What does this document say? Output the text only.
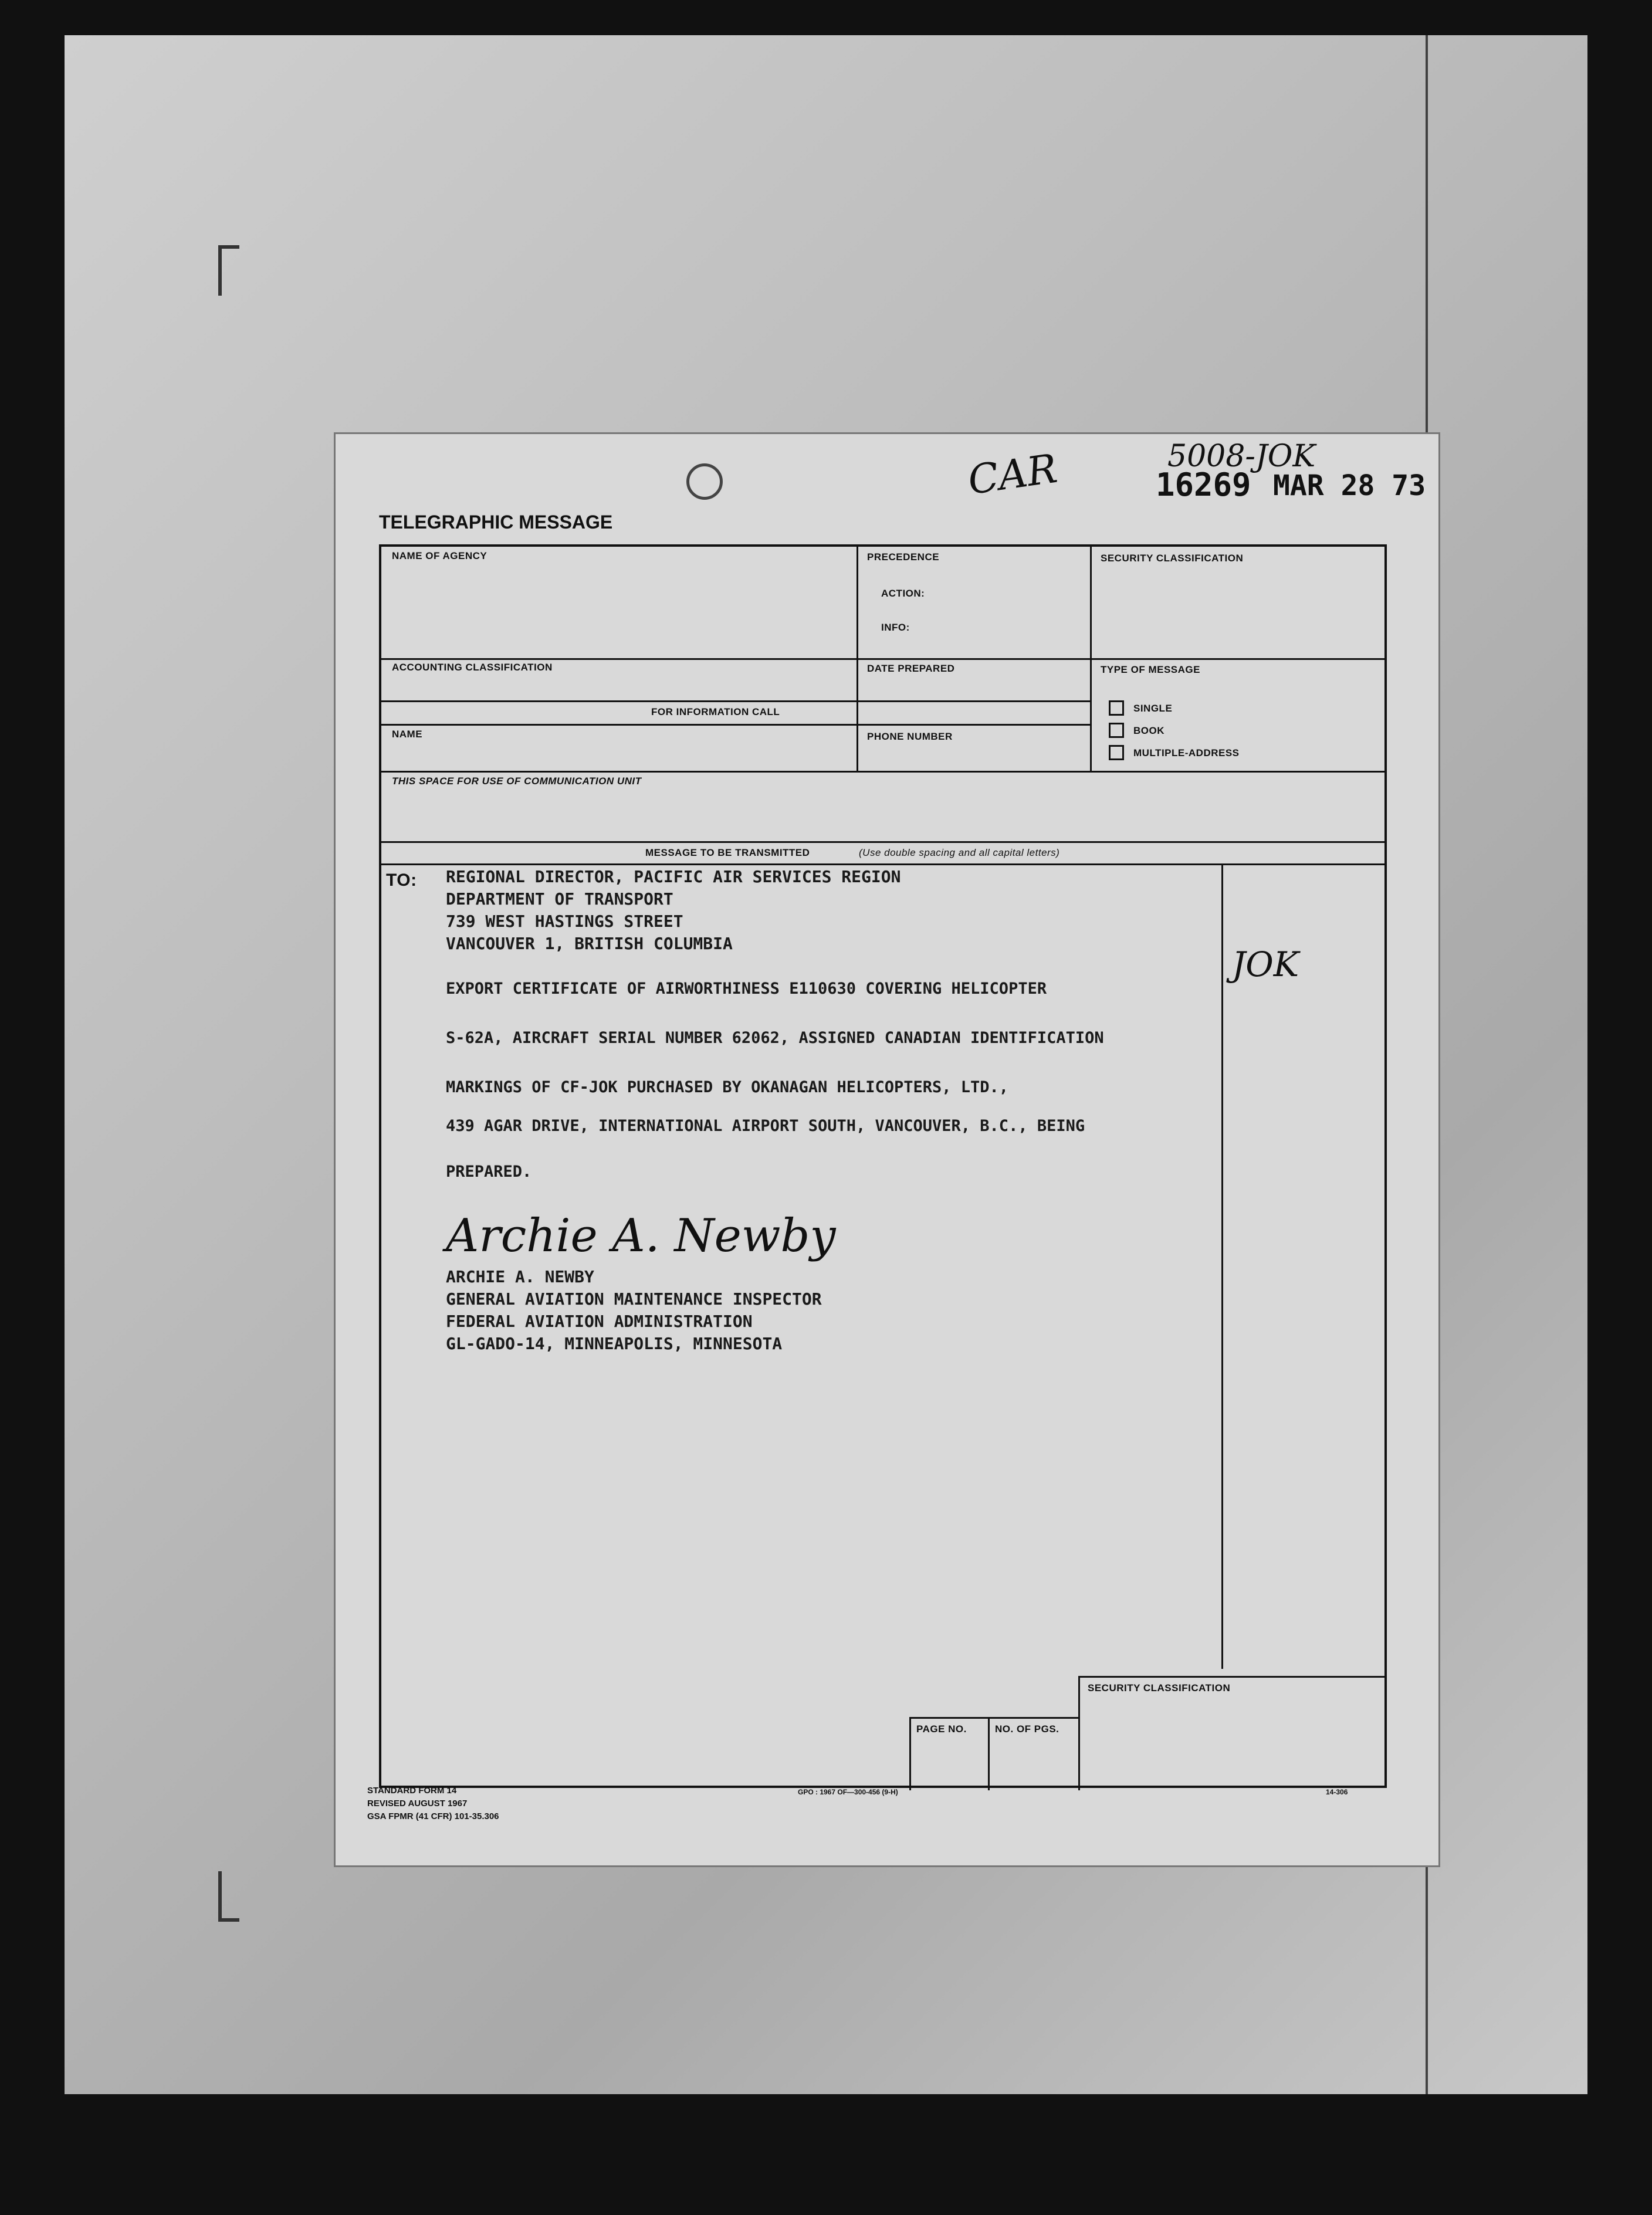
CAR	5008-JOK
16269 MAR 28 73
JOK
TELEGRAPHIC MESSAGE
NAME OF AGENCY	PRECEDENCE
ACTION:
INFO:
SECURITY CLASSIFICATION
ACCOUNTING CLASSIFICATION	DATE PREPARED	TYPE OF MESSAGE
FOR INFORMATION CALL
NAME	PHONE NUMBER
SINGLE
BOOK
MULTIPLE-ADDRESS
THIS SPACE FOR USE OF COMMUNICATION UNIT
MESSAGE TO BE TRANSMITTED	(Use double spacing and all capital letters)
TO:
PAGE NO.	NO. OF PGS.
SECURITY CLASSIFICATION
REGIONAL DIRECTOR, PACIFIC AIR SERVICES REGION
DEPARTMENT OF TRANSPORT
739 WEST HASTINGS STREET
VANCOUVER 1, BRITISH COLUMBIA
EXPORT CERTIFICATE OF AIRWORTHINESS E110630 COVERING HELICOPTER
S-62A, AIRCRAFT SERIAL NUMBER 62062, ASSIGNED CANADIAN IDENTIFICATION
MARKINGS OF CF-JOK PURCHASED BY OKANAGAN HELICOPTERS, LTD.,
439 AGAR DRIVE, INTERNATIONAL AIRPORT SOUTH, VANCOUVER, B.C., BEING
PREPARED.
Archie A. Newby
ARCHIE A. NEWBY
GENERAL AVIATION MAINTENANCE INSPECTOR
FEDERAL AVIATION ADMINISTRATION
GL-GADO-14, MINNEAPOLIS, MINNESOTA
STANDARD FORM 14
REVISED AUGUST 1967
GSA FPMR (41 CFR) 101-35.306
GPO : 1967 OF—300-456 (9-H)	14-306
